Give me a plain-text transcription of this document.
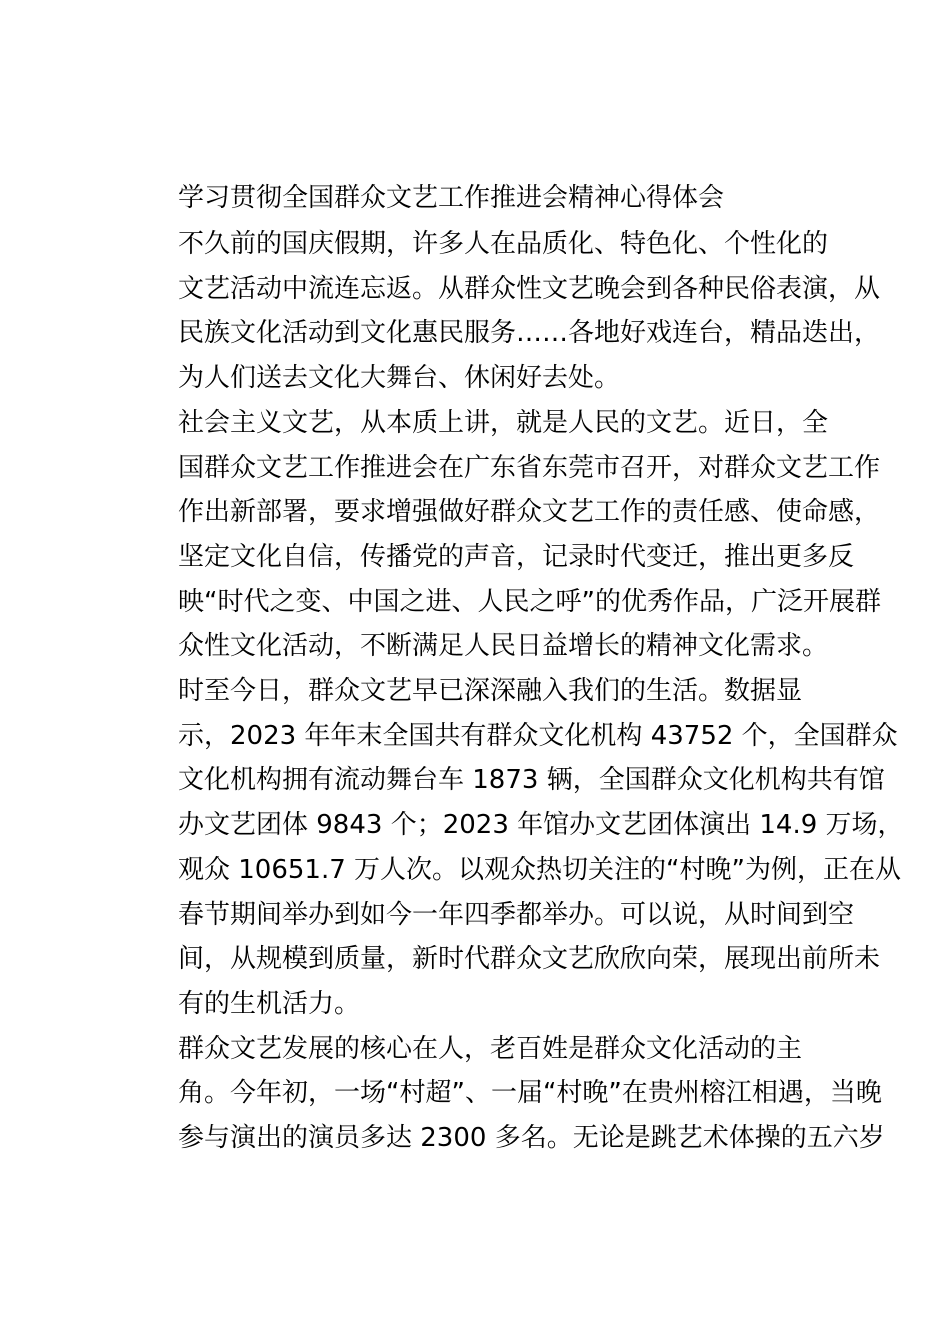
学习贯彻全国群众文艺工作推进会精神心得体会

不久前的国庆假期，许多人在品质化、特色化、个性化的
文艺活动中流连忘返。从群众性文艺晚会到各种民俗表演，从
民族文化活动到文化惠民服务……各地好戏连台，精品迭出，
为人们送去文化大舞台、休闲好去处。

社会主义文艺，从本质上讲，就是人民的文艺。近日，全
国群众文艺工作推进会在广东省东莞市召开，对群众文艺工作
作出新部署，要求增强做好群众文艺工作的责任感、使命感，
坚定文化自信，传播党的声音，记录时代变迁，推出更多反
映“时代之变、中国之进、人民之呼”的优秀作品，广泛开展群
众性文化活动，不断满足人民日益增长的精神文化需求。

时至今日，群众文艺早已深深融入我们的生活。数据显
示，2023 年年末全国共有群众文化机构 43752 个，全国群众
文化机构拥有流动舞台车 1873 辆，全国群众文化机构共有馆
办文艺团体 9843 个；2023 年馆办文艺团体演出 14.9 万场，
观众 10651.7 万人次。以观众热切关注的“村晚”为例，正在从
春节期间举办到如今一年四季都举办。可以说，从时间到空
间，从规模到质量，新时代群众文艺欣欣向荣，展现出前所未
有的生机活力。

群众文艺发展的核心在人，老百姓是群众文化活动的主
角。今年初，一场“村超”、一届“村晚”在贵州榕江相遇，当晚
参与演出的演员多达 2300 多名。无论是跳艺术体操的五六岁
